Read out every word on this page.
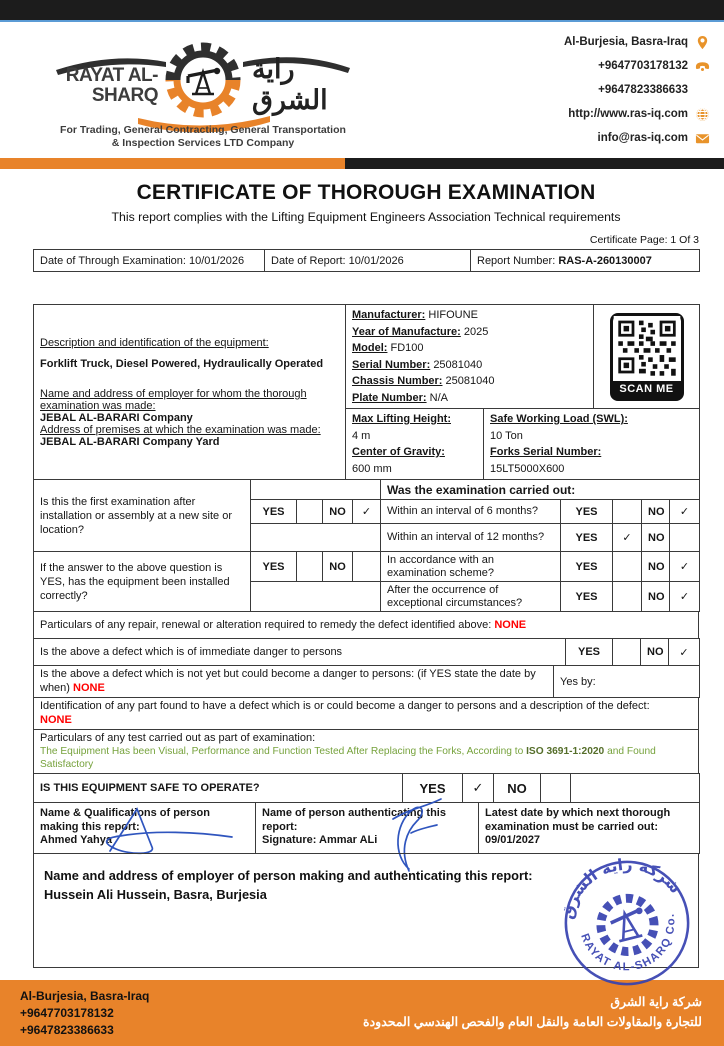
RAYAT AL-SHARQ
راية الشرق
For Trading, General Contracting, General Transportation
& Inspection Services LTD Company
Al-Burjesia, Basra-Iraq
+9647703178132
+9647823386633
http://www.ras-iq.com
info@ras-iq.com
CERTIFICATE OF THOROUGH EXAMINATION
This report complies with the Lifting Equipment Engineers Association Technical requirements
Certificate Page: 1 Of 3
Date of Through Examination: 10/01/2026	Date of Report: 10/01/2026	Report Number: RAS-A-260130007
Description and identification of the equipment:
Forklift Truck, Diesel Powered, Hydraulically Operated
Name and address of employer for whom the thorough examination was made:
JEBAL AL-BARARI Company
Address of premises at which the examination was made:
JEBAL AL-BARARI Company Yard	Manufacturer: HIFOUNE
Year of Manufacture: 2025
Model: FD100
Serial Number: 25081040
Chassis Number: 25081040
Plate Number: N/A	
SCAN ME

	Max Lifting Height:
4 m
Center of Gravity:
600 mm	Safe Working Load (SWL):
10 Ton
Forks Serial Number:
15LT5000X600	
Is this the first examination after installation or assembly at a new site or location?					Was the examination carried out:				
	YES		NO	✓	Within an interval of 6 months?	YES		NO	✓
					Within an interval of 12 months?	YES	✓	NO	
If the answer to the above question is YES, has the equipment been installed correctly?	YES		NO		In accordance with an examination scheme?	YES		NO	✓
					After the occurrence of exceptional circumstances?	YES		NO	✓
Particulars of any repair, renewal or alteration required to remedy the defect identified above: NONE
Is the above a defect which is of immediate danger to persons	YES		NO	✓
Is the above a defect which is not yet but could become a danger to persons: (if YES state the date by when) NONE	Yes by:
Identification of any part found to have a defect which is or could become a danger to persons and a description of the defect:
NONE
Particulars of any test carried out as part of examination:
The Equipment Has been Visual, Performance and Function Tested After Replacing the Forks, According to ISO 3691-1:2020 and Found Satisfactory
IS THIS EQUIPMENT SAFE TO OPERATE?	YES	✓	NO		
Name & Qualifications of person making this report:
Ahmed Yahya
	Name of person authenticating this report:
Signature: Ammar ALi
	Latest date by which next thorough examination must be carried out:
09/01/2027
Name and address of employer of person making and authenticating this report:
Hussein Ali Hussein, Basra, Burjesia
شركة راية الشرق
RAYAT AL-SHARQ Co.
Al-Burjesia, Basra-Iraq
+9647703178132
+9647823386633
شركة راية الشرق
للتجارة والمقاولات العامة والنقل العام والفحص الهندسي المحدودة
